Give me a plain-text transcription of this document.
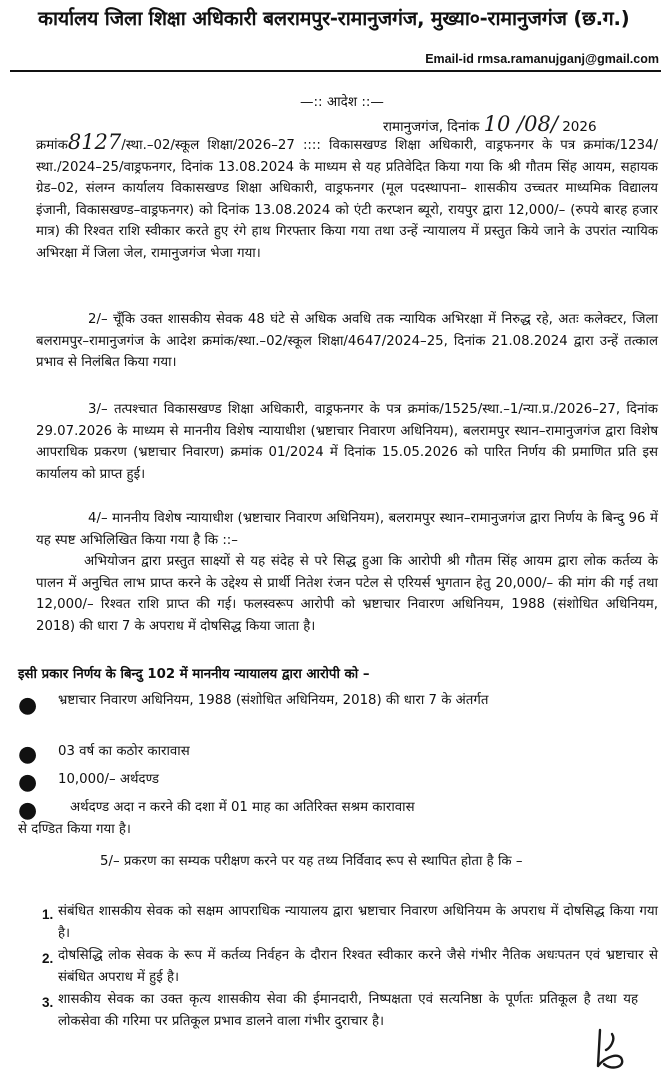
कार्यालय जिला शिक्षा अधिकारी बलरामपुर-रामानुजगंज, मुख्या०-रामानुजगंज (छ.ग.)
Email-id rmsa.ramanujganj@gmail.com
—:: आदेश ::—
रामानुजगंज, दिनांक 10 /08/ 2026
क्रमांक8127/स्था.–02/स्कूल शिक्षा/2026–27 :::: विकासखण्ड शिक्षा अधिकारी, वाड्रफनगर के पत्र क्रमांक/1234/स्था./2024–25/वाड्रफनगर, दिनांक 13.08.2024 के माध्यम से यह प्रतिवेदित किया गया कि श्री गौतम सिंह आयम, सहायक ग्रेड–02, संलग्न कार्यालय विकासखण्ड शिक्षा अधिकारी, वाड्रफनगर (मूल पदस्थापना– शासकीय उच्चतर माध्यमिक विद्यालय इंजानी, विकासखण्ड–वाड्रफनगर) को दिनांक 13.08.2024 को एंटी करप्शन ब्यूरो, रायपुर द्वारा 12,000/– (रुपये बारह हजार मात्र) की रिश्वत राशि स्वीकार करते हुए रंगे हाथ गिरफ्तार किया गया तथा उन्हें न्यायालय में प्रस्तुत किये जाने के उपरांत न्यायिक अभिरक्षा में जिला जेल, रामानुजगंज भेजा गया।
2/– चूँकि उक्त शासकीय सेवक 48 घंटे से अधिक अवधि तक न्यायिक अभिरक्षा में निरुद्ध रहे, अतः कलेक्टर, जिला बलरामपुर–रामानुजगंज के आदेश क्रमांक/स्था.–02/स्कूल शिक्षा/4647/2024–25, दिनांक 21.08.2024 द्वारा उन्हें तत्काल प्रभाव से निलंबित किया गया।
3/– तत्पश्चात विकासखण्ड शिक्षा अधिकारी, वाड्रफनगर के पत्र क्रमांक/1525/स्था.–1/न्या.प्र./2026–27, दिनांक 29.07.2026 के माध्यम से माननीय विशेष न्यायाधीश (भ्रष्टाचार निवारण अधिनियम), बलरामपुर स्थान–रामानुजगंज द्वारा विशेष आपराधिक प्रकरण (भ्रष्टाचार निवारण) क्रमांक 01/2024 में दिनांक 15.05.2026 को पारित निर्णय की प्रमाणित प्रति इस कार्यालय को प्राप्त हुई।
4/– माननीय विशेष न्यायाधीश (भ्रष्टाचार निवारण अधिनियम), बलरामपुर स्थान–रामानुजगंज द्वारा निर्णय के बिन्दु 96 में यह स्पष्ट अभिलिखित किया गया है कि ::–
अभियोजन द्वारा प्रस्तुत साक्ष्यों से यह संदेह से परे सिद्ध हुआ कि आरोपी श्री गौतम सिंह आयम द्वारा लोक कर्तव्य के पालन में अनुचित लाभ प्राप्त करने के उद्देश्य से प्रार्थी नितेश रंजन पटेल से एरियर्स भुगतान हेतु 20,000/– की मांग की गई तथा 12,000/– रिश्वत राशि प्राप्त की गई। फलस्वरूप आरोपी को भ्रष्टाचार निवारण अधिनियम, 1988 (संशोधित अधिनियम, 2018) की धारा 7 के अपराध में दोषसिद्ध किया जाता है।
इसी प्रकार निर्णय के बिन्दु 102 में माननीय न्यायालय द्वारा आरोपी को –
● भ्रष्टाचार निवारण अधिनियम, 1988 (संशोधित अधिनियम, 2018) की धारा 7 के अंतर्गत
● 03 वर्ष का कठोर कारावास
● 10,000/– अर्थदण्ड
● अर्थदण्ड अदा न करने की दशा में 01 माह का अतिरिक्त सश्रम कारावास
से दण्डित किया गया है।
5/– प्रकरण का सम्यक परीक्षण करने पर यह तथ्य निर्विवाद रूप से स्थापित होता है कि –
1. संबंधित शासकीय सेवक को सक्षम आपराधिक न्यायालय द्वारा भ्रष्टाचार निवारण अधिनियम के अपराध में दोषसिद्ध किया गया है।
2. दोषसिद्धि लोक सेवक के रूप में कर्तव्य निर्वहन के दौरान रिश्वत स्वीकार करने जैसे गंभीर नैतिक अधःपतन एवं भ्रष्टाचार से संबंधित अपराध में हुई है।
3. शासकीय सेवक का उक्त कृत्य शासकीय सेवा की ईमानदारी, निष्पक्षता एवं सत्यनिष्ठा के पूर्णतः प्रतिकूल है तथा यह लोकसेवा की गरिमा पर प्रतिकूल प्रभाव डालने वाला गंभीर दुराचार है।
